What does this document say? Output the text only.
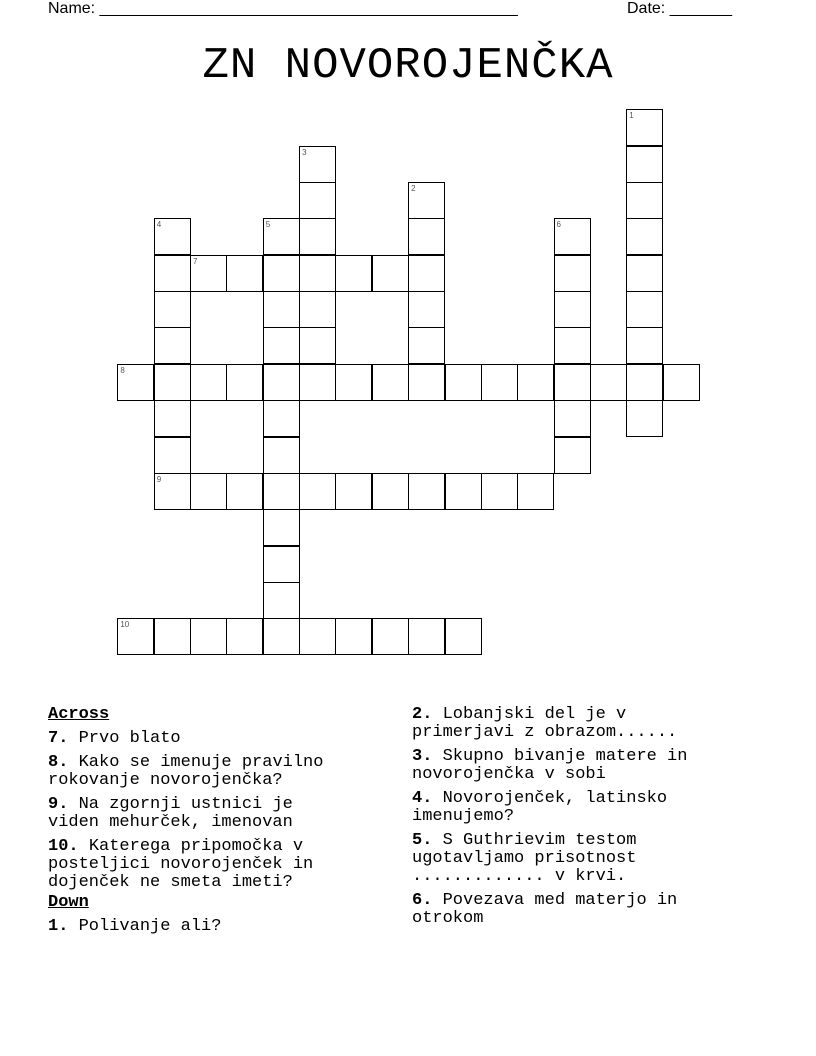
Name: _______________________________________________	Date: _______
ZN NOVOROJENČKA
7
8
9
10
1
2
3
4	5	6
Across
7. Prvo blato
8. Kako se imenuje pravilno
rokovanje novorojenčka?
9. Na zgornji ustnici je
viden mehurček, imenovan
10. Katerega pripomočka v
posteljici novorojenček in
dojenček ne smeta imeti?
Down
1. Polivanje ali?
2. Lobanjski del je v
primerjavi z obrazom......
3. Skupno bivanje matere in
novorojenčka v sobi
4. Novorojenček, latinsko
imenujemo?
5. S Guthrievim testom
ugotavljamo prisotnost
............. v krvi.
6. Povezava med materjo in
otrokom
